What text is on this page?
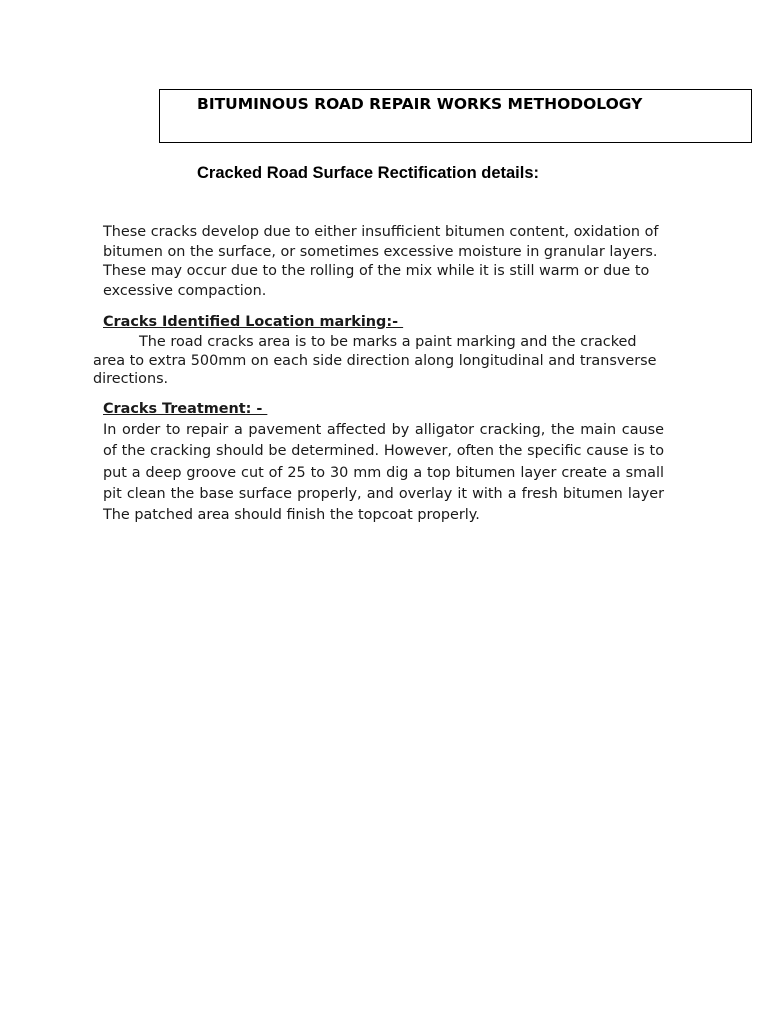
BITUMINOUS ROAD REPAIR WORKS METHODOLOGY
Cracked Road Surface Rectification details:

These cracks develop due to either insufficient bitumen content, oxidation of bitumen on the surface, or sometimes excessive moisture in granular layers. These may occur due to the rolling of the mix while it is still warm or due to excessive compaction.

Cracks Identified Location marking:-

The road cracks area is to be marks a paint marking and the cracked area to extra 500mm on each side direction along longitudinal and transverse directions.

Cracks Treatment: -

In order to repair a pavement affected by alligator cracking, the main cause of the cracking should be determined. However, often the specific cause is to put a deep groove cut of 25 to 30 mm dig a top bitumen layer create a small pit clean the base surface properly, and overlay it with a fresh bitumen layer The patched area should finish the topcoat properly.
